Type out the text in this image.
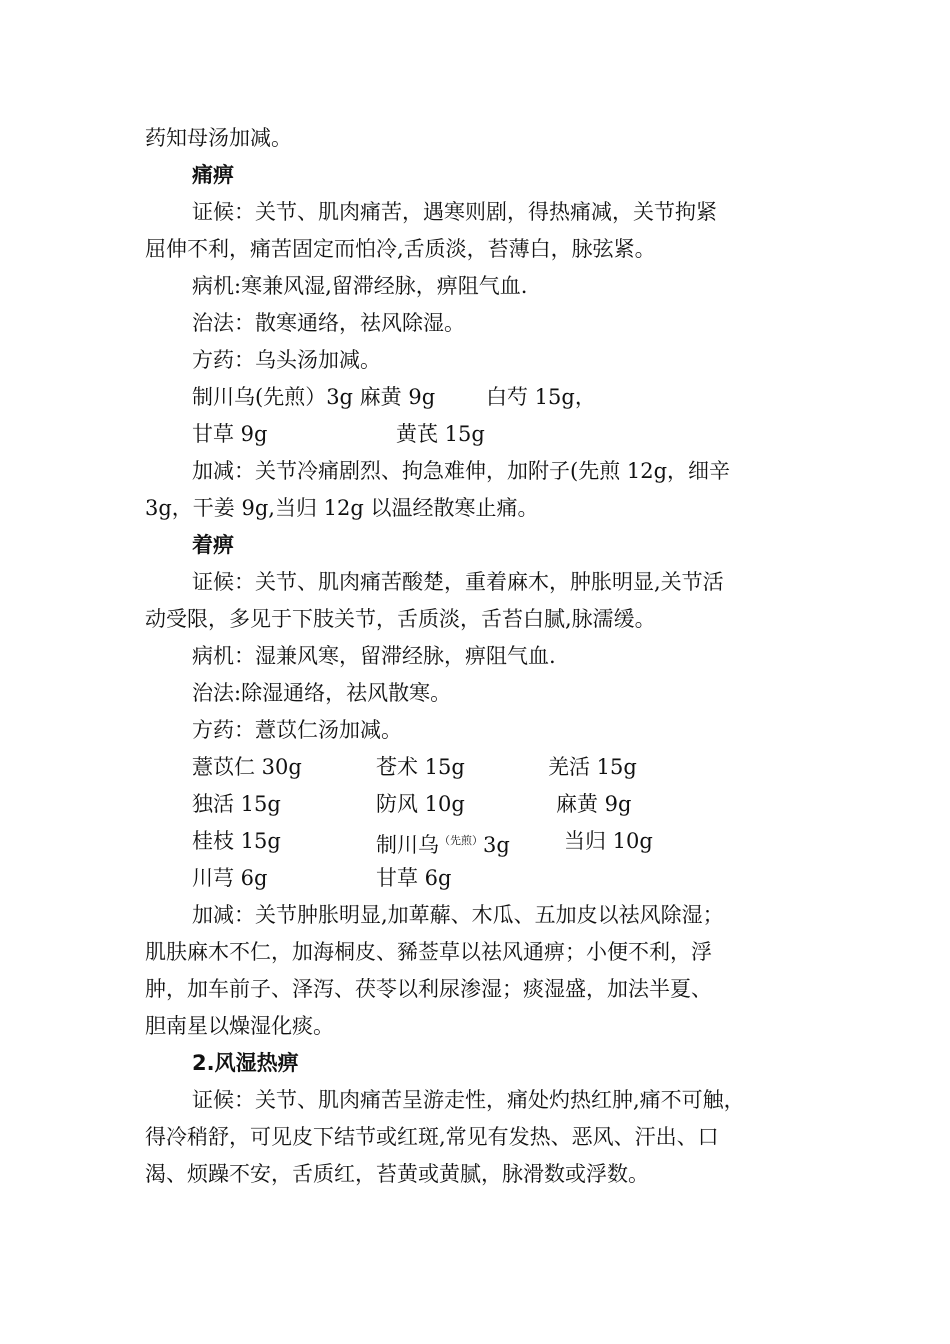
药知母汤加减。
痛痹
证候：关节、肌肉痛苦，遇寒则剧，得热痛减，关节拘紧
屈伸不利，痛苦固定而怕冷,舌质淡，苔薄白，脉弦紧。
病机:寒兼风湿,留滞经脉，痹阻气血.
治法：散寒通络，祛风除湿。
方药：乌头汤加减。
制川乌(先煎）3g 麻黄 9g 白芍 15g，
甘草 9g	黄芪 15g
加减：关节冷痛剧烈、拘急难伸，加附子(先煎 12g，细辛
3g，干姜 9g,当归 12g 以温经散寒止痛。
着痹
证候：关节、肌肉痛苦酸楚，重着麻木，肿胀明显,关节活
动受限，多见于下肢关节，舌质淡，舌苔白腻,脉濡缓。
病机：湿兼风寒，留滞经脉，痹阻气血.
治法:除湿通络，祛风散寒。
方药：薏苡仁汤加减。
薏苡仁 30g	苍术 15g	羌活 15g
独活 15g	防风 10g	麻黄 9g
桂枝 15g	制川乌$^{(先煎)}$3g	当归 10g
川芎 6g	甘草 6g
加减：关节肿胀明显,加萆薢、木瓜、五加皮以祛风除湿；
肌肤麻木不仁，加海桐皮、豨莶草以祛风通痹；小便不利，浮
肿，加车前子、泽泻、茯苓以利尿渗湿；痰湿盛，加法半夏、
胆南星以燥湿化痰。
2.风湿热痹
证候：关节、肌肉痛苦呈游走性，痛处灼热红肿,痛不可触，
得冷稍舒，可见皮下结节或红斑,常见有发热、恶风、汗出、口
渴、烦躁不安，舌质红，苔黄或黄腻，脉滑数或浮数。
